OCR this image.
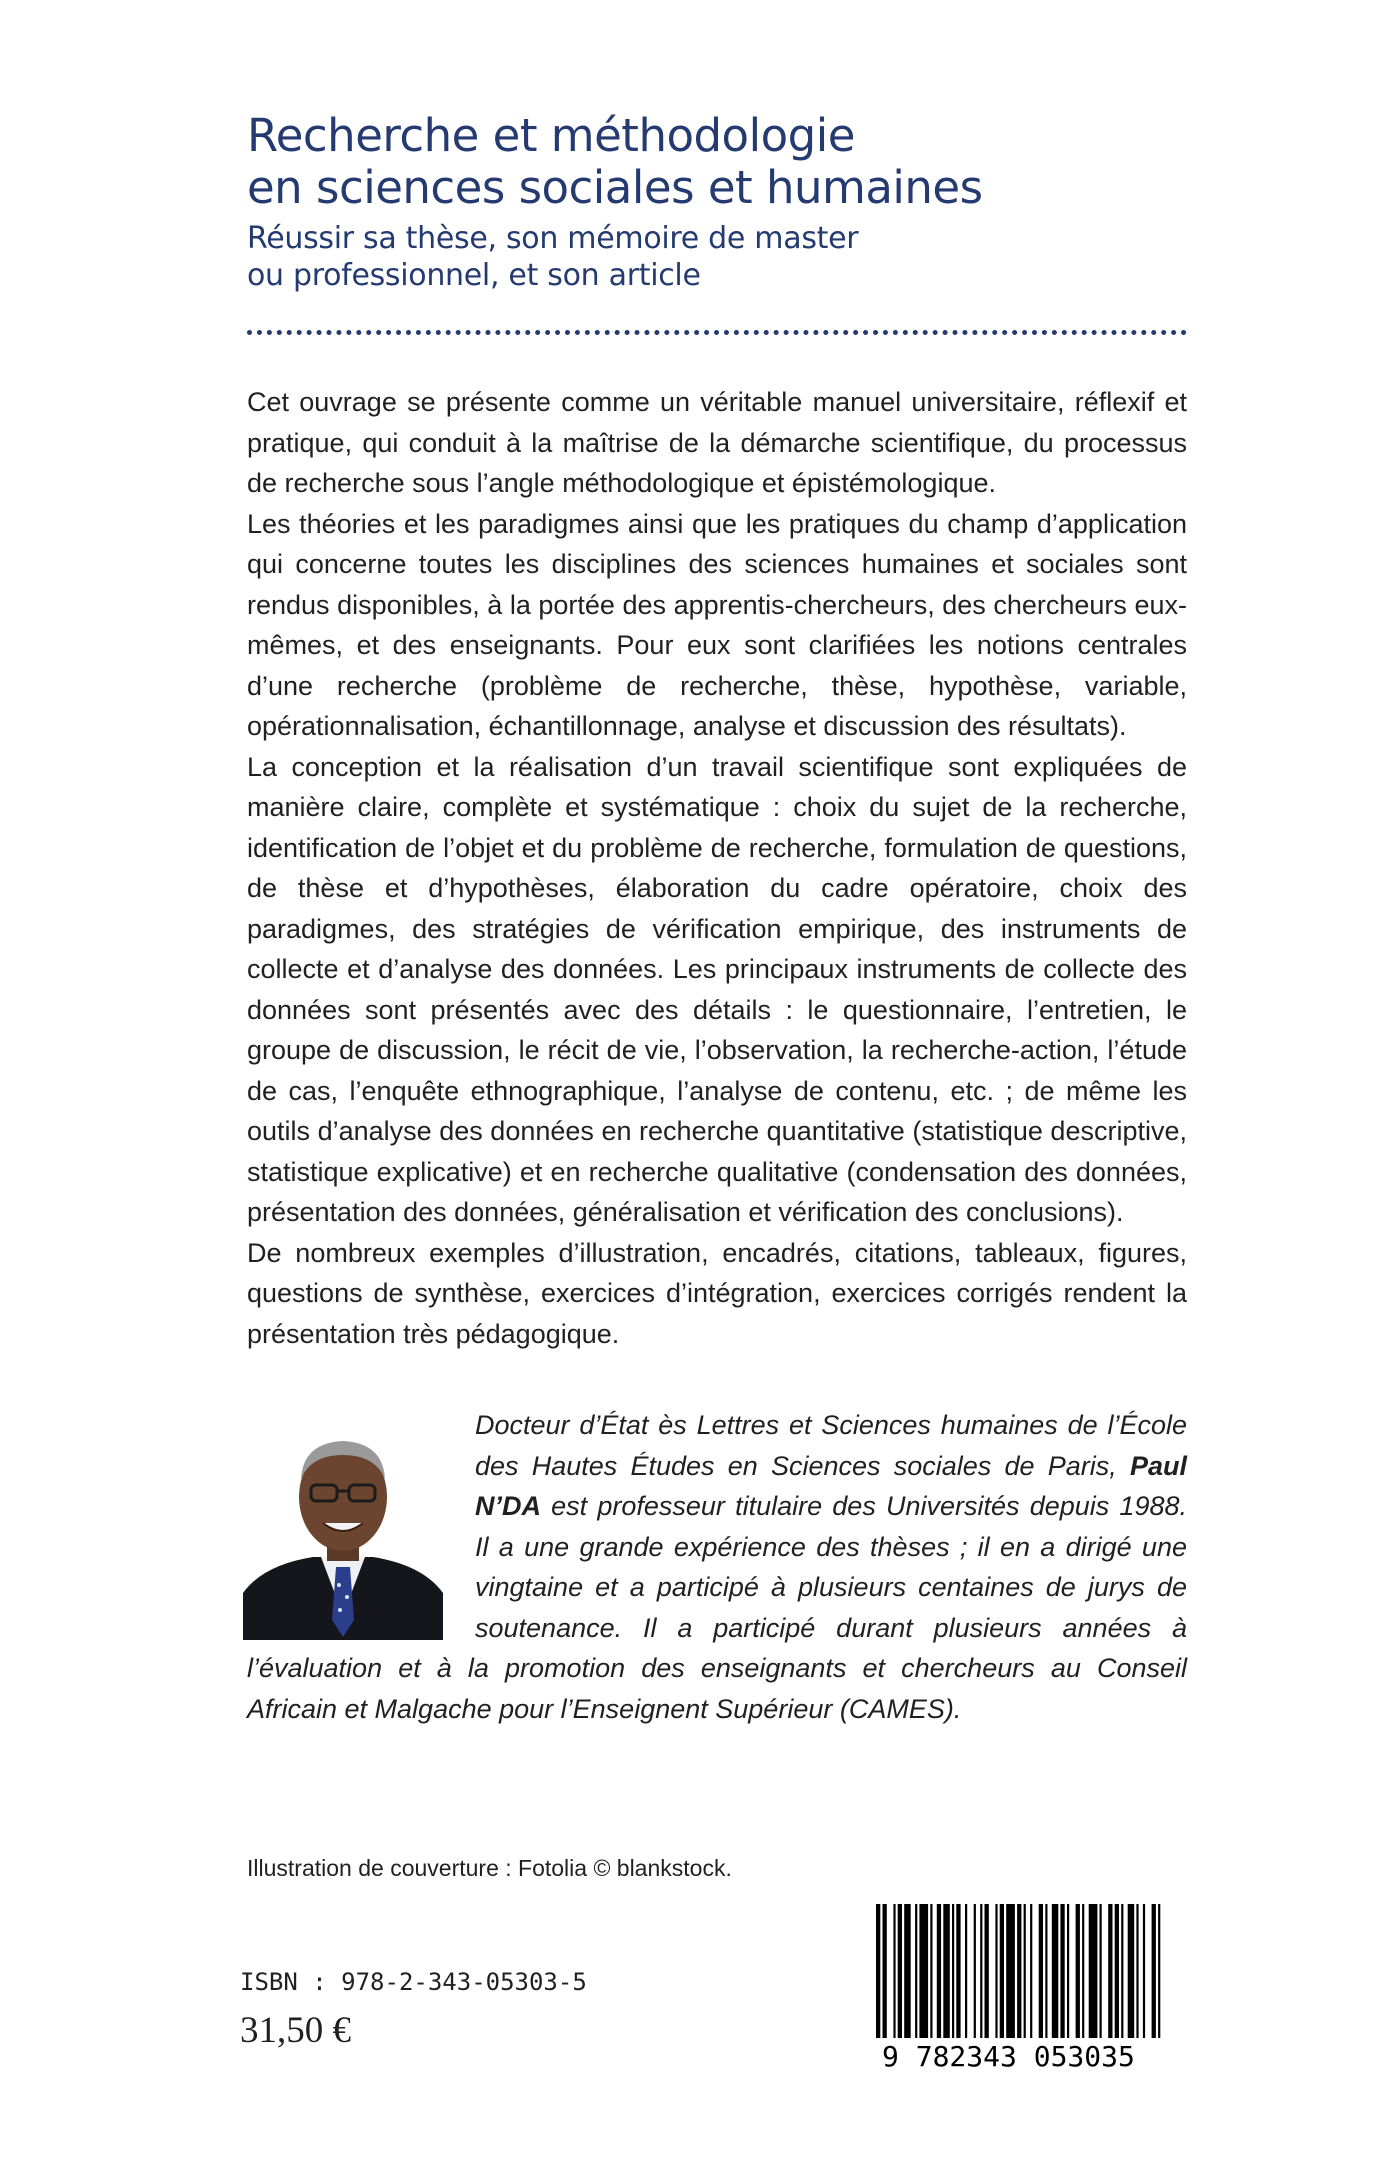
Recherche et méthodologie
en sciences sociales et humaines
Réussir sa thèse, son mémoire de master
ou professionnel, et son article

Cet ouvrage se présente comme un véritable manuel universitaire, réflexif et pratique, qui conduit à la maîtrise de la démarche scientifique, du processus de recherche sous l’angle méthodologique et épistémologique.

Les théories et les paradigmes ainsi que les pratiques du champ d’application qui concerne toutes les disciplines des sciences humaines et sociales sont rendus disponibles, à la portée des apprentis-chercheurs, des chercheurs eux-mêmes, et des enseignants. Pour eux sont clarifiées les notions centrales d’une recherche (problème de recherche, thèse, hypothèse, variable, opérationnalisation, échantillonnage, analyse et discussion des résultats).

La conception et la réalisation d’un travail scientifique sont expliquées de manière claire, complète et systématique : choix du sujet de la recherche, identification de l’objet et du problème de recherche, formulation de questions, de thèse et d’hypothèses, élaboration du cadre opératoire, choix des paradigmes, des stratégies de vérification empirique, des instruments de collecte et d’analyse des données. Les principaux instruments de collecte des données sont présentés avec des détails : le questionnaire, l’entretien, le groupe de discussion, le récit de vie, l’observation, la recherche-action, l’étude de cas, l’enquête ethnographique, l’analyse de contenu, etc. ; de même les outils d’analyse des données en recherche quantitative (statistique descriptive, statistique explicative) et en recherche qualitative (condensation des données, présentation des données, généralisation et vérification des conclusions).

De nombreux exemples d’illustration, encadrés, citations, tableaux, figures, questions de synthèse, exercices d’intégration, exercices corrigés rendent la présentation très pédagogique.

Docteur d’État ès Lettres et Sciences humaines de l’École des Hautes Études en Sciences sociales de Paris, Paul N’DA est professeur titulaire des Universités depuis 1988. Il a une grande expérience des thèses ; il en a dirigé une vingtaine et a participé à plusieurs centaines de jurys de soutenance. Il a participé durant plusieurs années à l’évaluation et à la promotion des enseignants et chercheurs au Conseil Africain et Malgache pour l’Enseignent Supérieur (CAMES).

Illustration de couverture : Fotolia © blankstock.
ISBN : 978-2-343-05303-5
31,50 €
9 782343 053035
